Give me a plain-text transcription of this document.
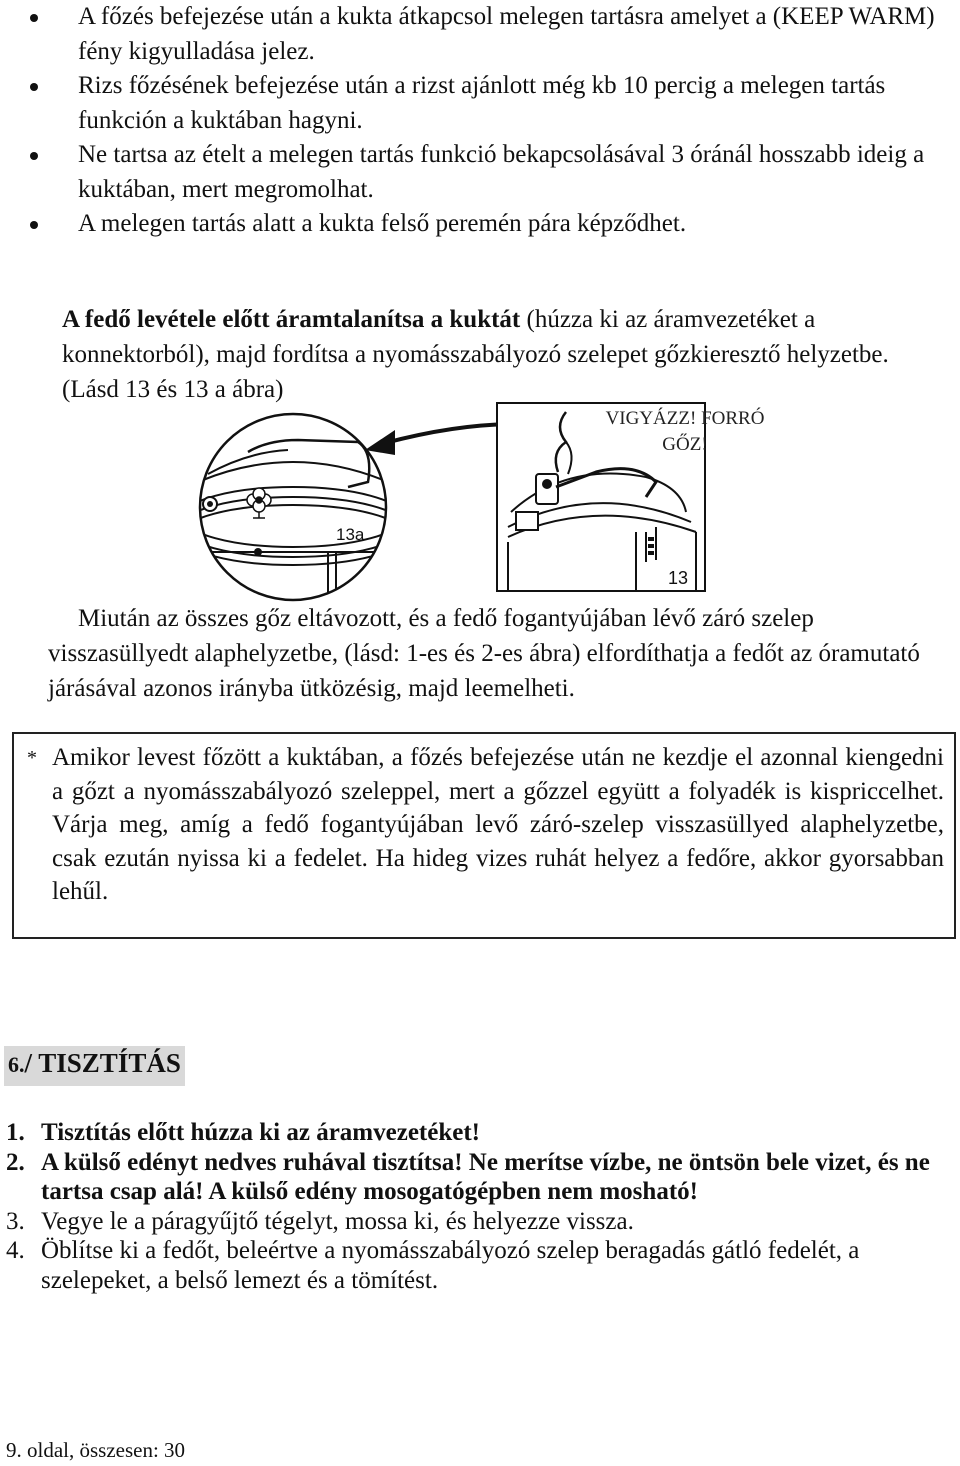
A főzés befejezése után a kukta átkapcsol melegen tartásra amelyet a (KEEP WARM) fény kigyulladása jelez.
Rizs főzésének befejezése után a rizst ajánlott még kb 10 percig a melegen tartás funkción a kuktában hagyni.
Ne tartsa az ételt a melegen tartás funkció bekapcsolásával 3 óránál hosszabb ideig a kuktában, mert megromolhat.
A melegen tartás alatt a kukta felső peremén pára képződhet.
A fedő levétele előtt áramtalanítsa a kuktát (húzza ki az áramvezetéket a konnektorból), majd fordítsa a nyomásszabályozó szelepet gőzkieresztő helyzetbe. (Lásd 13 és 13 a ábra)
13a
13
VIGYÁZZ! FORRÓ
GŐZ!
Miután az összes gőz eltávozott, és a fedő fogantyújában lévő záró szelep visszasüllyedt alaphelyzetbe, (lásd: 1-es és 2-es ábra) elfordíthatja a fedőt az óramutató járásával azonos irányba ütközésig, majd leemelheti.
* Amikor levest főzött a kuktában, a főzés befejezése után ne kezdje el azonnal kiengedni a gőzt a nyomásszabályozó szeleppel, mert a gőzzel együtt a folyadék is kispriccelhet. Várja meg, amíg a fedő fogantyújában levő záró-szelep visszasüllyed alaphelyzetbe, csak ezután nyissa ki a fedelet. Ha hideg vizes ruhát helyez a fedőre, akkor gyorsabban lehűl.
6./ TISZTÍTÁS
1. Tisztítás előtt húzza ki az áramvezetéket!
2. A külső edényt nedves ruhával tisztítsa! Ne merítse vízbe, ne öntsön bele vizet, és ne tartsa csap alá! A külső edény mosogatógépben nem mosható!
3. Vegye le a páragyűjtő tégelyt, mossa ki, és helyezze vissza.
4. Öblítse ki a fedőt, beleértve a nyomásszabályozó szelep beragadás gátló fedelét, a szelepeket, a belső lemezt és a tömítést.
9. oldal, összesen: 30
